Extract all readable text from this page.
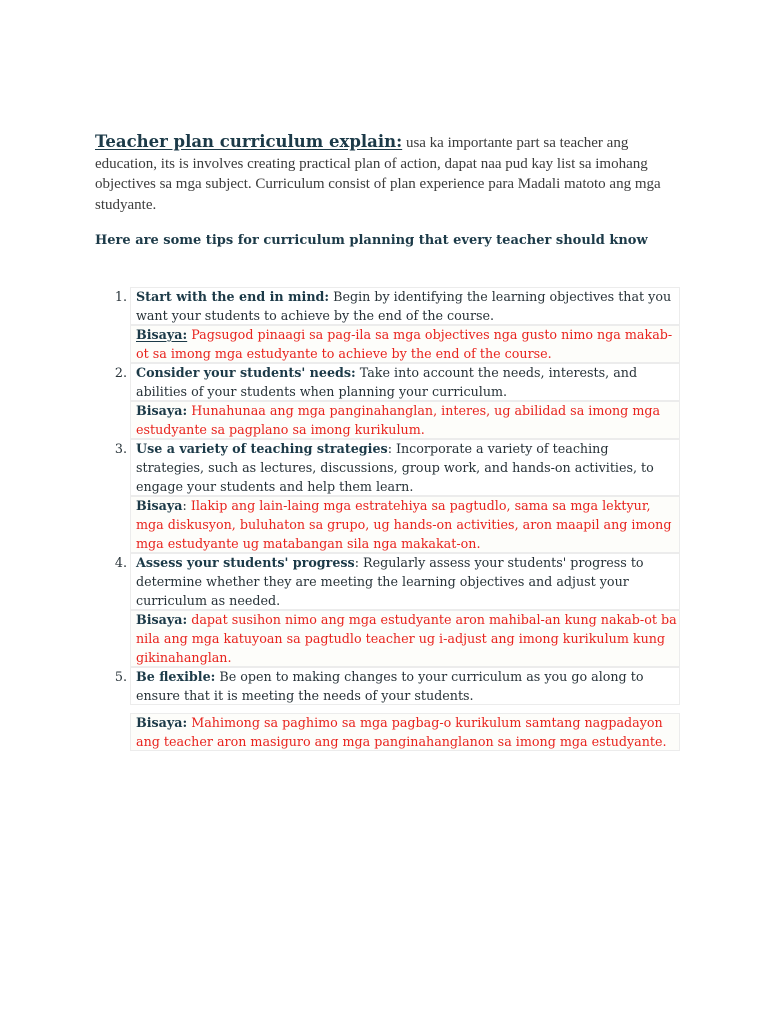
Teacher plan curriculum explain: usa ka importante part sa teacher ang education, its is involves creating practical plan of action, dapat naa pud kay list sa imohang objectives sa mga subject. Curriculum consist of plan experience para Madali matoto ang mga studyante.

Here are some tips for curriculum planning that every teacher should know

1. Start with the end in mind: Begin by identifying the learning objectives that you want your students to achieve by the end of the course.

Bisaya: Pagsugod pinaagi sa pag-ila sa mga objectives nga gusto nimo nga makab-ot sa imong mga estudyante to achieve by the end of the course.

2. Consider your students' needs: Take into account the needs, interests, and abilities of your students when planning your curriculum.

Bisaya: Hunahunaa ang mga panginahanglan, interes, ug abilidad sa imong mga estudyante sa pagplano sa imong kurikulum.

3. Use a variety of teaching strategies: Incorporate a variety of teaching strategies, such as lectures, discussions, group work, and hands-on activities, to engage your students and help them learn.

Bisaya: Ilakip ang lain-laing mga estratehiya sa pagtudlo, sama sa mga lektyur, mga diskusyon, buluhaton sa grupo, ug hands-on activities, aron maapil ang imong mga estudyante ug matabangan sila nga makakat-on.

4. Assess your students' progress: Regularly assess your students' progress to determine whether they are meeting the learning objectives and adjust your curriculum as needed.

Bisaya: dapat susihon nimo ang mga estudyante aron mahibal-an kung nakab-ot ba nila ang mga katuyoan sa pagtudlo teacher ug i-adjust ang imong kurikulum kung gikinahanglan.

5. Be flexible: Be open to making changes to your curriculum as you go along to ensure that it is meeting the needs of your students.

Bisaya: Mahimong sa paghimo sa mga pagbag-o kurikulum samtang nagpadayon ang teacher aron masiguro ang mga panginahanglanon sa imong mga estudyante.
